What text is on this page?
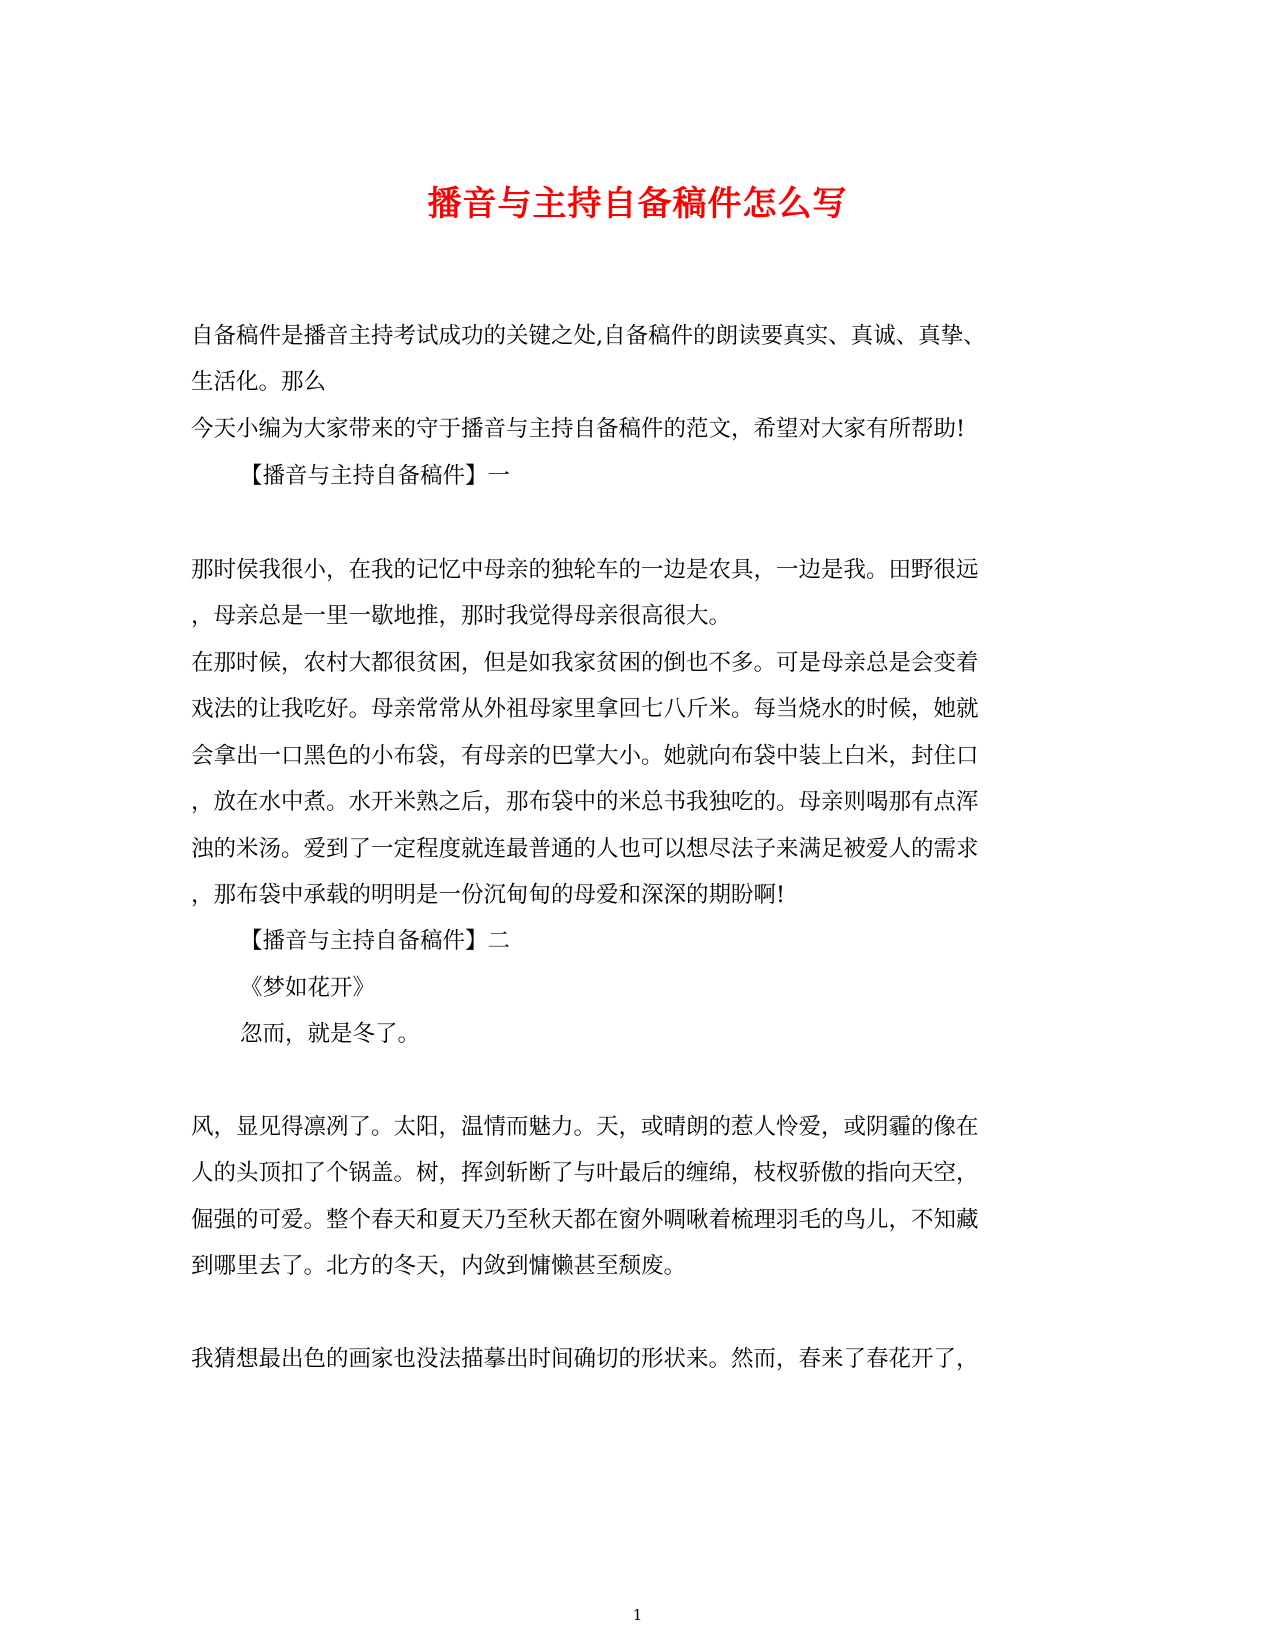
播音与主持自备稿件怎么写
自备稿件是播音主持考试成功的关键之处,自备稿件的朗读要真实、真诚、真挚、
生活化。那么
今天小编为大家带来的守于播音与主持自备稿件的范文，希望对大家有所帮助!
【播音与主持自备稿件】一
那时侯我很小，在我的记忆中母亲的独轮车的一边是农具，一边是我。田野很远
，母亲总是一里一歇地推，那时我觉得母亲很高很大。
在那时候，农村大都很贫困，但是如我家贫困的倒也不多。可是母亲总是会变着
戏法的让我吃好。母亲常常从外祖母家里拿回七八斤米。每当烧水的时候，她就
会拿出一口黑色的小布袋，有母亲的巴掌大小。她就向布袋中装上白米，封住口
，放在水中煮。水开米熟之后，那布袋中的米总书我独吃的。母亲则喝那有点浑
浊的米汤。爱到了一定程度就连最普通的人也可以想尽法子来满足被爱人的需求
，那布袋中承载的明明是一份沉甸甸的母爱和深深的期盼啊!
【播音与主持自备稿件】二
《梦如花开》
忽而，就是冬了。
风，显见得凛冽了。太阳，温情而魅力。天，或晴朗的惹人怜爱，或阴霾的像在
人的头顶扣了个锅盖。树，挥剑斩断了与叶最后的缠绵，枝杈骄傲的指向天空，
倔强的可爱。整个春天和夏天乃至秋天都在窗外啁啾着梳理羽毛的鸟儿，不知藏
到哪里去了。北方的冬天，内敛到慵懒甚至颓废。
我猜想最出色的画家也没法描摹出时间确切的形状来。然而，春来了春花开了，
1
